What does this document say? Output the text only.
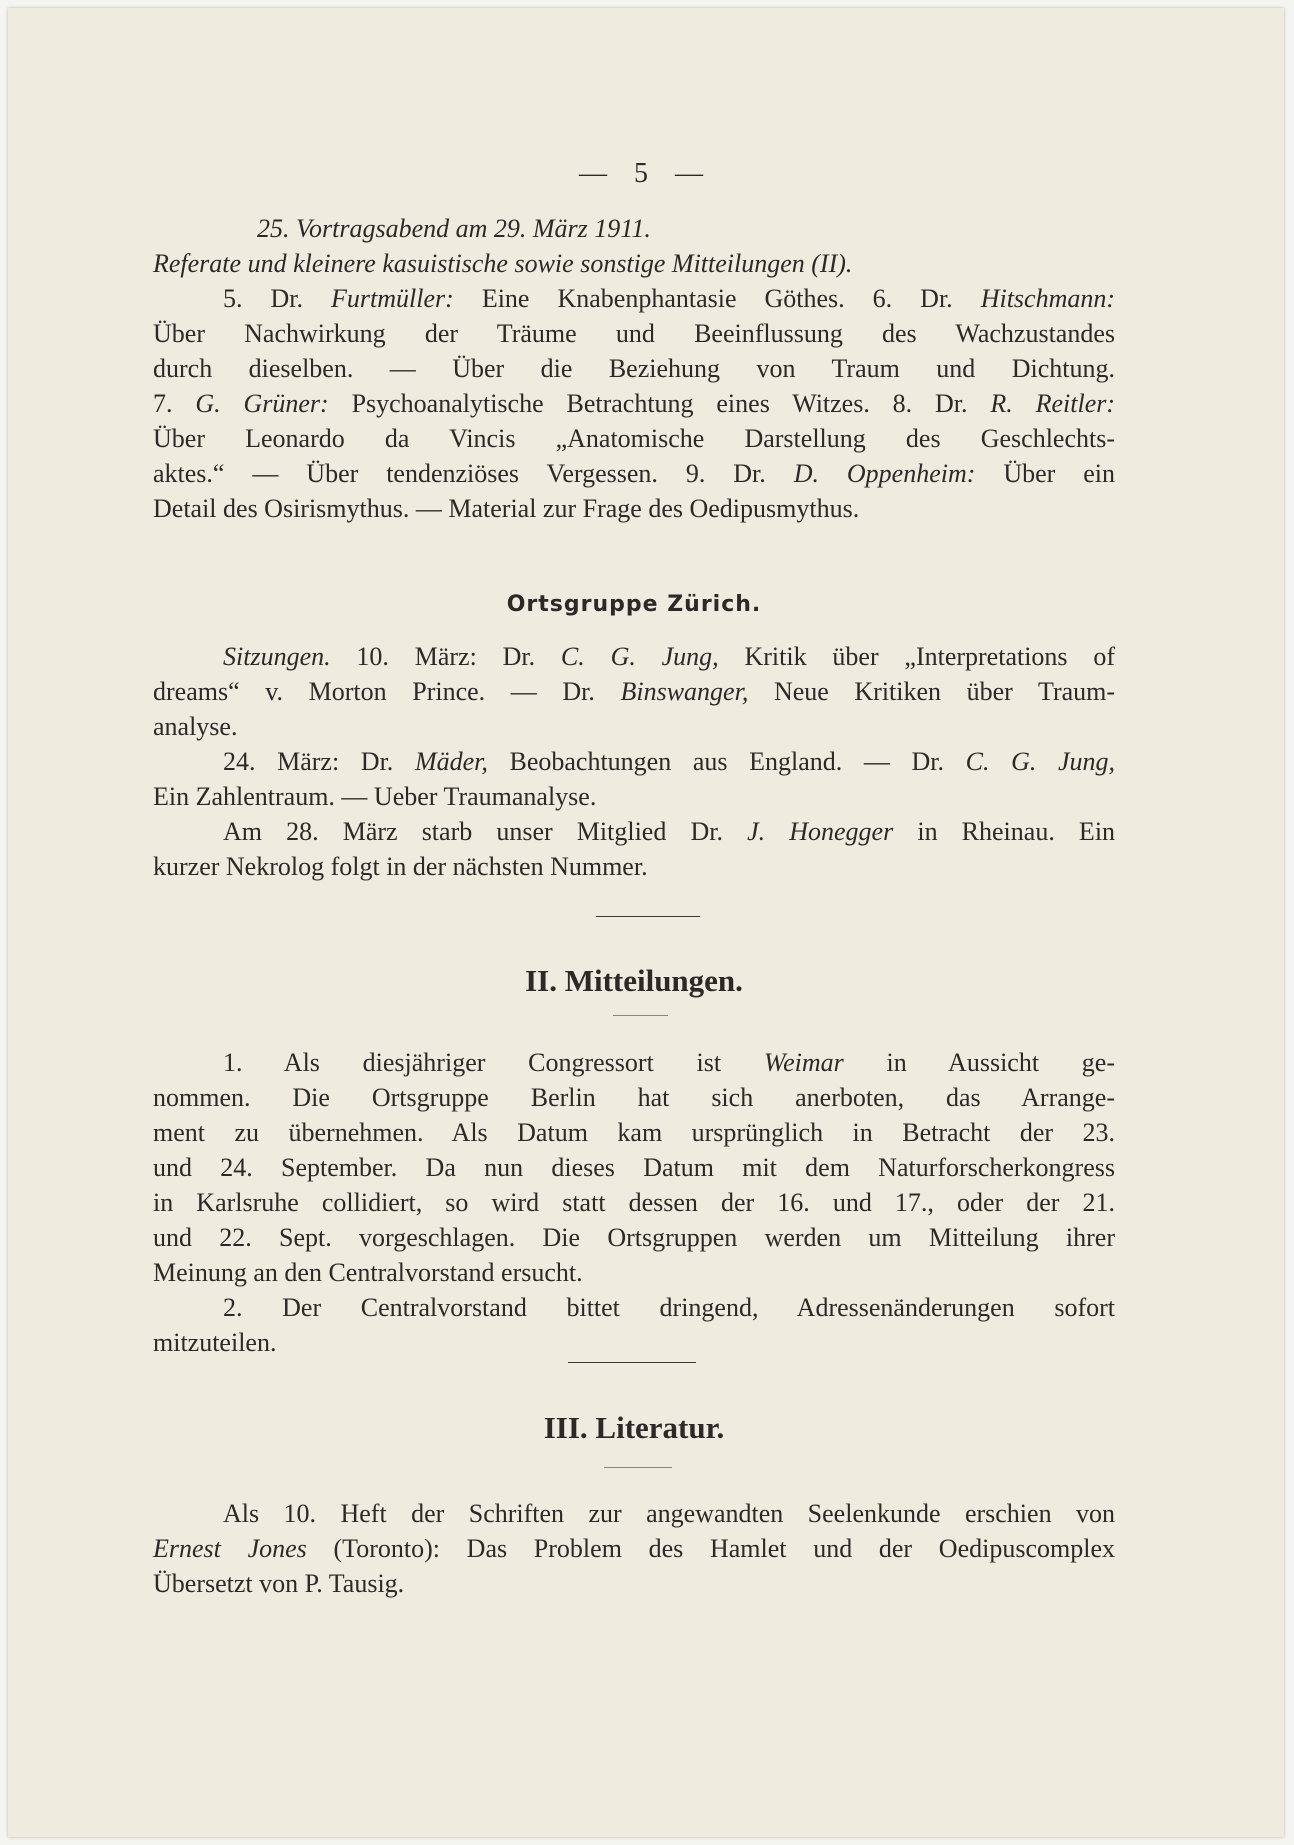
— 5 —
25. Vortragsabend am 29. März 1911.
Referate und kleinere kasuistische sowie sonstige Mitteilungen (II).
5. Dr. Furtmüller: Eine Knabenphantasie Göthes. 6. Dr. Hitschmann:
Über Nachwirkung der Träume und Beeinflussung des Wachzustandes
durch dieselben. — Über die Beziehung von Traum und Dichtung.
7. G. Grüner: Psychoanalytische Betrachtung eines Witzes. 8. Dr. R. Reitler:
Über Leonardo da Vincis „Anatomische Darstellung des Geschlechts-
aktes.“ — Über tendenziöses Vergessen. 9. Dr. D. Oppenheim: Über ein
Detail des Osirismythus. — Material zur Frage des Oedipusmythus.
Ortsgruppe Zürich.
Sitzungen. 10. März: Dr. C. G. Jung, Kritik über „Interpretations of
dreams“ v. Morton Prince. — Dr. Binswanger, Neue Kritiken über Traum-
analyse.
24. März: Dr. Mäder, Beobachtungen aus England. — Dr. C. G. Jung,
Ein Zahlentraum. — Ueber Traumanalyse.
Am 28. März starb unser Mitglied Dr. J. Honegger in Rheinau. Ein
kurzer Nekrolog folgt in der nächsten Nummer.
II. Mitteilungen.
1. Als diesjähriger Congressort ist Weimar in Aussicht ge-
nommen. Die Ortsgruppe Berlin hat sich anerboten, das Arrange-
ment zu übernehmen. Als Datum kam ursprünglich in Betracht der 23.
und 24. September. Da nun dieses Datum mit dem Naturforscherkongress
in Karlsruhe collidiert, so wird statt dessen der 16. und 17., oder der 21.
und 22. Sept. vorgeschlagen. Die Ortsgruppen werden um Mitteilung ihrer
Meinung an den Centralvorstand ersucht.
2. Der Centralvorstand bittet dringend, Adressenänderungen sofort
mitzuteilen.
III. Literatur.
Als 10. Heft der Schriften zur angewandten Seelenkunde erschien von
Ernest Jones (Toronto): Das Problem des Hamlet und der Oedipuscomplex
Übersetzt von P. Tausig.
